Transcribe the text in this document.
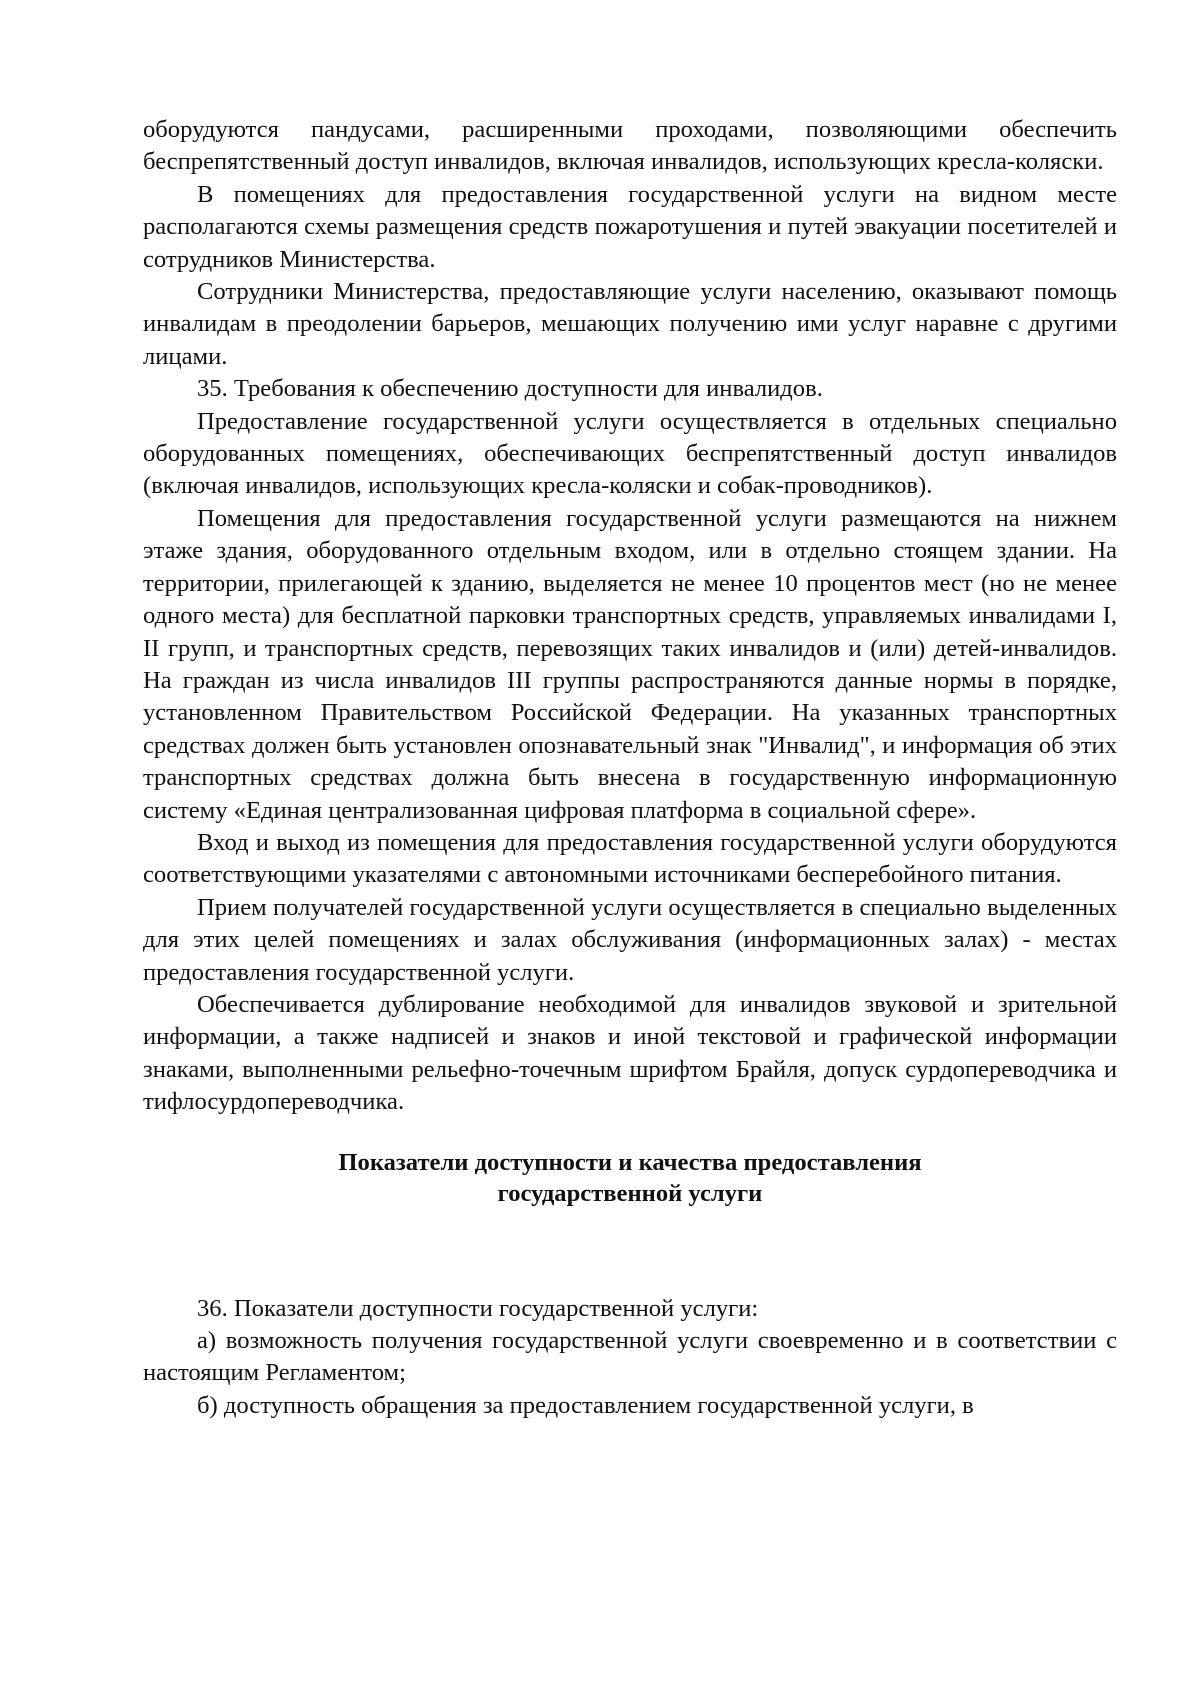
оборудуются пандусами, расширенными проходами, позволяющими обеспечить беспрепятственный доступ инвалидов, включая инвалидов, использующих кресла-коляски.

В помещениях для предоставления государственной услуги на видном месте располагаются схемы размещения средств пожаротушения и путей эвакуации посетителей и сотрудников Министерства.

Сотрудники Министерства, предоставляющие услуги населению, оказывают помощь инвалидам в преодолении барьеров, мешающих получению ими услуг наравне с другими лицами.

35. Требования к обеспечению доступности для инвалидов.

Предоставление государственной услуги осуществляется в отдельных специально оборудованных помещениях, обеспечивающих беспрепятственный доступ инвалидов (включая инвалидов, использующих кресла-коляски и собак-проводников).

Помещения для предоставления государственной услуги размещаются на нижнем этаже здания, оборудованного отдельным входом, или в отдельно стоящем здании. На территории, прилегающей к зданию, выделяется не менее 10 процентов мест (но не менее одного места) для бесплатной парковки транспортных средств, управляемых инвалидами I, II групп, и транспортных средств, перевозящих таких инвалидов и (или) детей-инвалидов. На граждан из числа инвалидов III группы распространяются данные нормы в порядке, установленном Правительством Российской Федерации. На указанных транспортных средствах должен быть установлен опознавательный знак "Инвалид", и информация об этих транспортных средствах должна быть внесена в государственную информационную систему «Единая централизованная цифровая платформа в социальной сфере».

Вход и выход из помещения для предоставления государственной услуги оборудуются соответствующими указателями с автономными источниками бесперебойного питания.

Прием получателей государственной услуги осуществляется в специально выделенных для этих целей помещениях и залах обслуживания (информационных залах) - местах предоставления государственной услуги.

Обеспечивается дублирование необходимой для инвалидов звуковой и зрительной информации, а также надписей и знаков и иной текстовой и графической информации знаками, выполненными рельефно-точечным шрифтом Брайля, допуск сурдопереводчика и тифлосурдопереводчика.

Показатели доступности и качества предоставления
государственной услуги

36. Показатели доступности государственной услуги:

а) возможность получения государственной услуги своевременно и в соответствии с настоящим Регламентом;

б) доступность обращения за предоставлением государственной услуги, в
